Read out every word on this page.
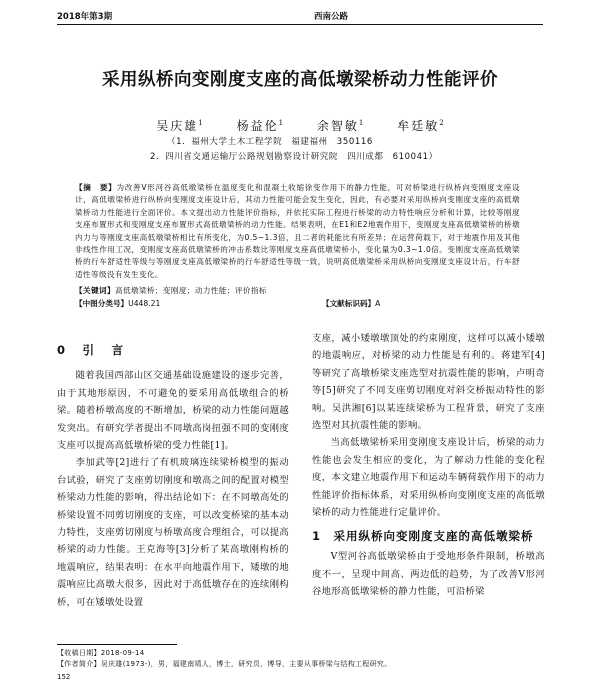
2018年第3期	西南公路
采用纵桥向变刚度支座的高低墩梁桥动力性能评价
吴庆雄$^1$	杨益伦$^1$	余智敏$^1$	牟廷敏$^2$
（1．福州大学土木工程学院　福建福州　350116
2．四川省交通运输厅公路规划勘察设计研究院　四川成都　610041）
【摘　要】为改善V形河谷高低墩梁桥在温度变化和混凝土收缩徐变作用下的静力性能，可对桥梁进行纵桥向变刚度支座设计，高低墩梁桥进行纵桥向变刚度支座设计后，其动力性能可能会发生变化，因此，有必要对采用纵桥向变刚度支座的高低墩梁桥动力性能进行全面评价。本文提出动力性能评价指标，并依托实际工程进行桥梁的动力特性响应分析和计算，比较等刚度支座布置形式和变刚度支座布置形式高低墩梁桥的动力性能。结果表明，在E1和E2地震作用下，变刚度支座高低墩梁桥的桥墩内力与等刚度支座高低墩梁桥相比有所变化，为0.5~1.3倍，且二者的耗能比有所差异；在运营荷载下，对于地震作用及其他非线性作用工况，变刚度支座高低墩梁桥的冲击系数比等刚度支座高低墩梁桥小，变化量为0.3~1.0倍。变刚度支座高低墩梁桥的行车舒适性等级与等刚度支座高低墩梁桥的行车舒适性等级一致，说明高低墩梁桥采用纵桥向变刚度支座设计后，行车舒适性等级没有发生变化。
【关键词】高低墩梁桥；变刚度；动力性能；评价指标
【中图分类号】U448.21	【文献标识码】A
0　引　言

随着我国西部山区交通基础设施建设的逐步完善，由于其地形原因，不可避免的要采用高低墩组合的桥梁。随着桥墩高度的不断增加，桥梁的动力性能问题越发突出。有研究学者提出不同墩高岗扭强不同的变刚度支座可以提高高低墩桥梁的受力性能[1]。

李加武等[2]进行了有机玻璃连续梁桥模型的振动台试验，研究了支座剪切刚度和墩高之间的配置对模型桥梁动力性能的影响，得出结论如下：在不同墩高处的桥梁设置不同剪切刚度的支座，可以改变桥梁的基本动力特性，支座剪切刚度与桥墩高度合理组合，可以提高桥梁的动力性能。王克海等[3]分析了某高墩刚构桥的地震响应，结果表明：在水平向地震作用下，矮墩的地震响应比高墩大很多，因此对于高低墩存在的连续刚构桥，可在矮墩处设置

支座，减小矮墩墩顶处的约束刚度，这样可以减小矮墩的地震响应，对桥梁的动力性能是有利的。蒋建军[4]等研究了高墩桥梁支座选型对抗震性能的影响，卢明奇等[5]研究了不同支座剪切刚度对斜交桥振动特性的影响。吴洪湘[6]以某连续梁桥为工程背景，研究了支座选型对其抗震性能的影响。

当高低墩梁桥采用变刚度支座设计后，桥梁的动力性能也会发生相应的变化，为了解动力性能的变化程度，本文建立地震作用下和运动车辆荷载作用下的动力性能评价指标体系，对采用纵桥向变刚度支座的高低墩梁桥的动力性能进行定量评价。

1　采用纵桥向变刚度支座的高低墩梁桥

V型河谷高低墩梁桥由于受地形条件限制，桥墩高度不一，呈现中间高、两边低的趋势，为了改善V形河谷地形高低墩梁桥的静力性能，可沿桥梁

【收稿日期】2018-09-14
【作者简介】吴庆雄(1973-)，男，福建南靖人，博士，研究员，博导，主要从事桥梁与结构工程研究。
152
